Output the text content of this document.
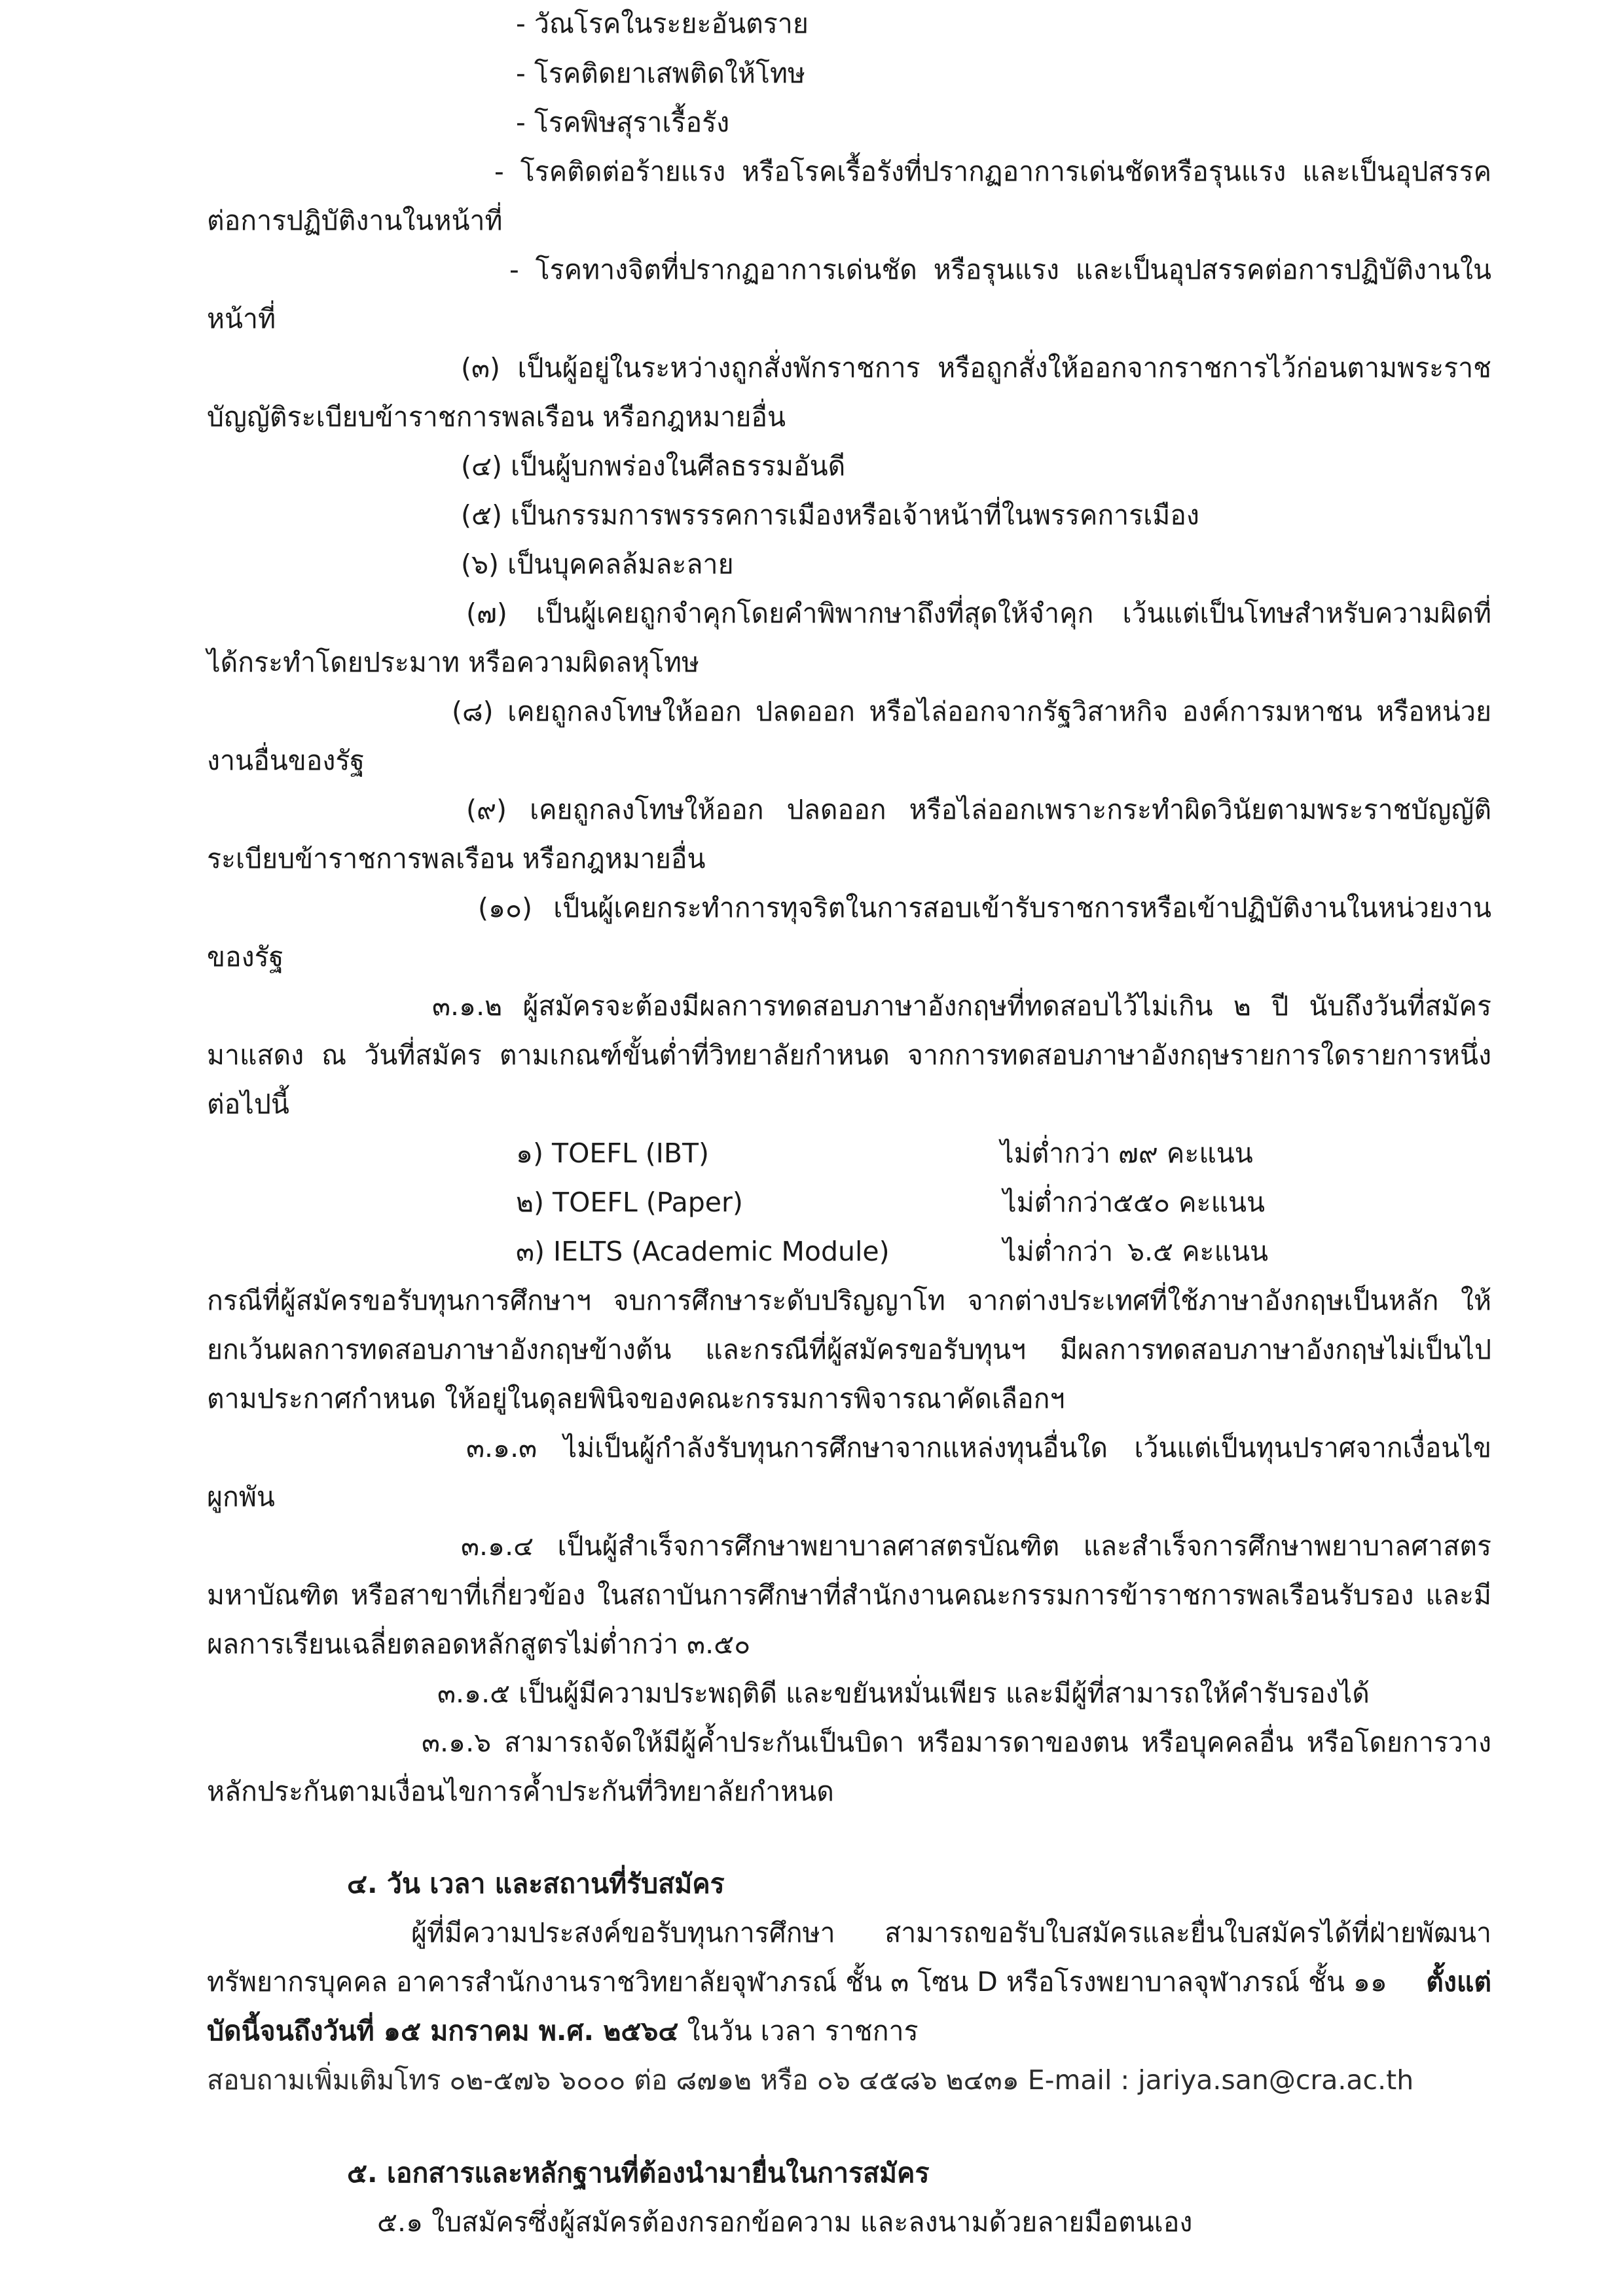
- วัณโรคในระยะอันตราย
- โรคติดยาเสพติดให้โทษ
- โรคพิษสุราเรื้อรัง
- โรคติดต่อร้ายแรง หรือโรคเรื้อรังที่ปรากฏอาการเด่นชัดหรือรุนแรง และเป็นอุปสรรค
ต่อการปฏิบัติงานในหน้าที่
- โรคทางจิตที่ปรากฏอาการเด่นชัด หรือรุนแรง และเป็นอุปสรรคต่อการปฏิบัติงานใน
หน้าที่
(๓) เป็นผู้อยู่ในระหว่างถูกสั่งพักราชการ หรือถูกสั่งให้ออกจากราชการไว้ก่อนตามพระราช
บัญญัติระเบียบข้าราชการพลเรือน หรือกฎหมายอื่น
(๔) เป็นผู้บกพร่องในศีลธรรมอันดี
(๕) เป็นกรรมการพรรรคการเมืองหรือเจ้าหน้าที่ในพรรคการเมือง
(๖) เป็นบุคคลล้มละลาย
(๗) เป็นผู้เคยถูกจำคุกโดยคำพิพากษาถึงที่สุดให้จำคุก เว้นแต่เป็นโทษสำหรับความผิดที่
ได้กระทำโดยประมาท หรือความผิดลหุโทษ
(๘) เคยถูกลงโทษให้ออก ปลดออก หรือไล่ออกจากรัฐวิสาหกิจ องค์การมหาชน หรือหน่วย
งานอื่นของรัฐ
(๙) เคยถูกลงโทษให้ออก ปลดออก หรือไล่ออกเพราะกระทำผิดวินัยตามพระราชบัญญัติ
ระเบียบข้าราชการพลเรือน หรือกฎหมายอื่น
(๑๐) เป็นผู้เคยกระทำการทุจริตในการสอบเข้ารับราชการหรือเข้าปฏิบัติงานในหน่วยงาน
ของรัฐ
๓.๑.๒ ผู้สมัครจะต้องมีผลการทดสอบภาษาอังกฤษที่ทดสอบไว้ไม่เกิน ๒ ปี นับถึงวันที่สมัคร
มาแสดง ณ วันที่สมัคร ตามเกณฑ์ขั้นต่ำที่วิทยาลัยกำหนด จากการทดสอบภาษาอังกฤษรายการใดรายการหนึ่ง
ต่อไปนี้
๑) TOEFL (IBT)	ไม่ต่ำกว่า ๗๙ คะแนน
๒) TOEFL (Paper)	ไม่ต่ำกว่า ๕๕๐ คะแนน
๓) IELTS (Academic Module)	ไม่ต่ำกว่า ๖.๕ คะแนน
กรณีที่ผู้สมัครขอรับทุนการศึกษาฯ จบการศึกษาระดับปริญญาโท จากต่างประเทศที่ใช้ภาษาอังกฤษเป็นหลัก ให้
ยกเว้นผลการทดสอบภาษาอังกฤษข้างต้น และกรณีที่ผู้สมัครขอรับทุนฯ มีผลการทดสอบภาษาอังกฤษไม่เป็นไป
ตามประกาศกำหนด ให้อยู่ในดุลยพินิจของคณะกรรมการพิจารณาคัดเลือกฯ
๓.๑.๓ ไม่เป็นผู้กำลังรับทุนการศึกษาจากแหล่งทุนอื่นใด เว้นแต่เป็นทุนปราศจากเงื่อนไข
ผูกพัน
๓.๑.๔ เป็นผู้สำเร็จการศึกษาพยาบาลศาสตรบัณฑิต และสำเร็จการศึกษาพยาบาลศาสตร
มหาบัณฑิต หรือสาขาที่เกี่ยวข้อง ในสถาบันการศึกษาที่สำนักงานคณะกรรมการข้าราชการพลเรือนรับรอง และมี
ผลการเรียนเฉลี่ยตลอดหลักสูตรไม่ต่ำกว่า ๓.๕๐
๓.๑.๕ เป็นผู้มีความประพฤติดี และขยันหมั่นเพียร และมีผู้ที่สามารถให้คำรับรองได้
๓.๑.๖ สามารถจัดให้มีผู้ค้ำประกันเป็นบิดา หรือมารดาของตน หรือบุคคลอื่น หรือโดยการวาง
หลักประกันตามเงื่อนไขการค้ำประกันที่วิทยาลัยกำหนด
๔. วัน เวลา และสถานที่รับสมัคร
ผู้ที่มีความประสงค์ขอรับทุนการศึกษา สามารถขอรับใบสมัครและยื่นใบสมัครได้ที่ฝ่ายพัฒนา
ทรัพยากรบุคคล อาคารสำนักงานราชวิทยาลัยจุฬาภรณ์ ชั้น ๓ โซน D หรือโรงพยาบาลจุฬาภรณ์ ชั้น ๑๑ ตั้งแต่
บัดนี้จนถึงวันที่ ๑๕ มกราคม พ.ศ. ๒๕๖๔ ในวัน เวลา ราชการ
สอบถามเพิ่มเติมโทร ๐๒-๕๗๖ ๖๐๐๐ ต่อ ๘๗๑๒ หรือ ๐๖ ๔๕๘๖ ๒๔๓๑ E-mail : jariya.san@cra.ac.th
๕. เอกสารและหลักฐานที่ต้องนำมายื่นในการสมัคร
๕.๑ ใบสมัครซึ่งผู้สมัครต้องกรอกข้อความ และลงนามด้วยลายมือตนเอง
